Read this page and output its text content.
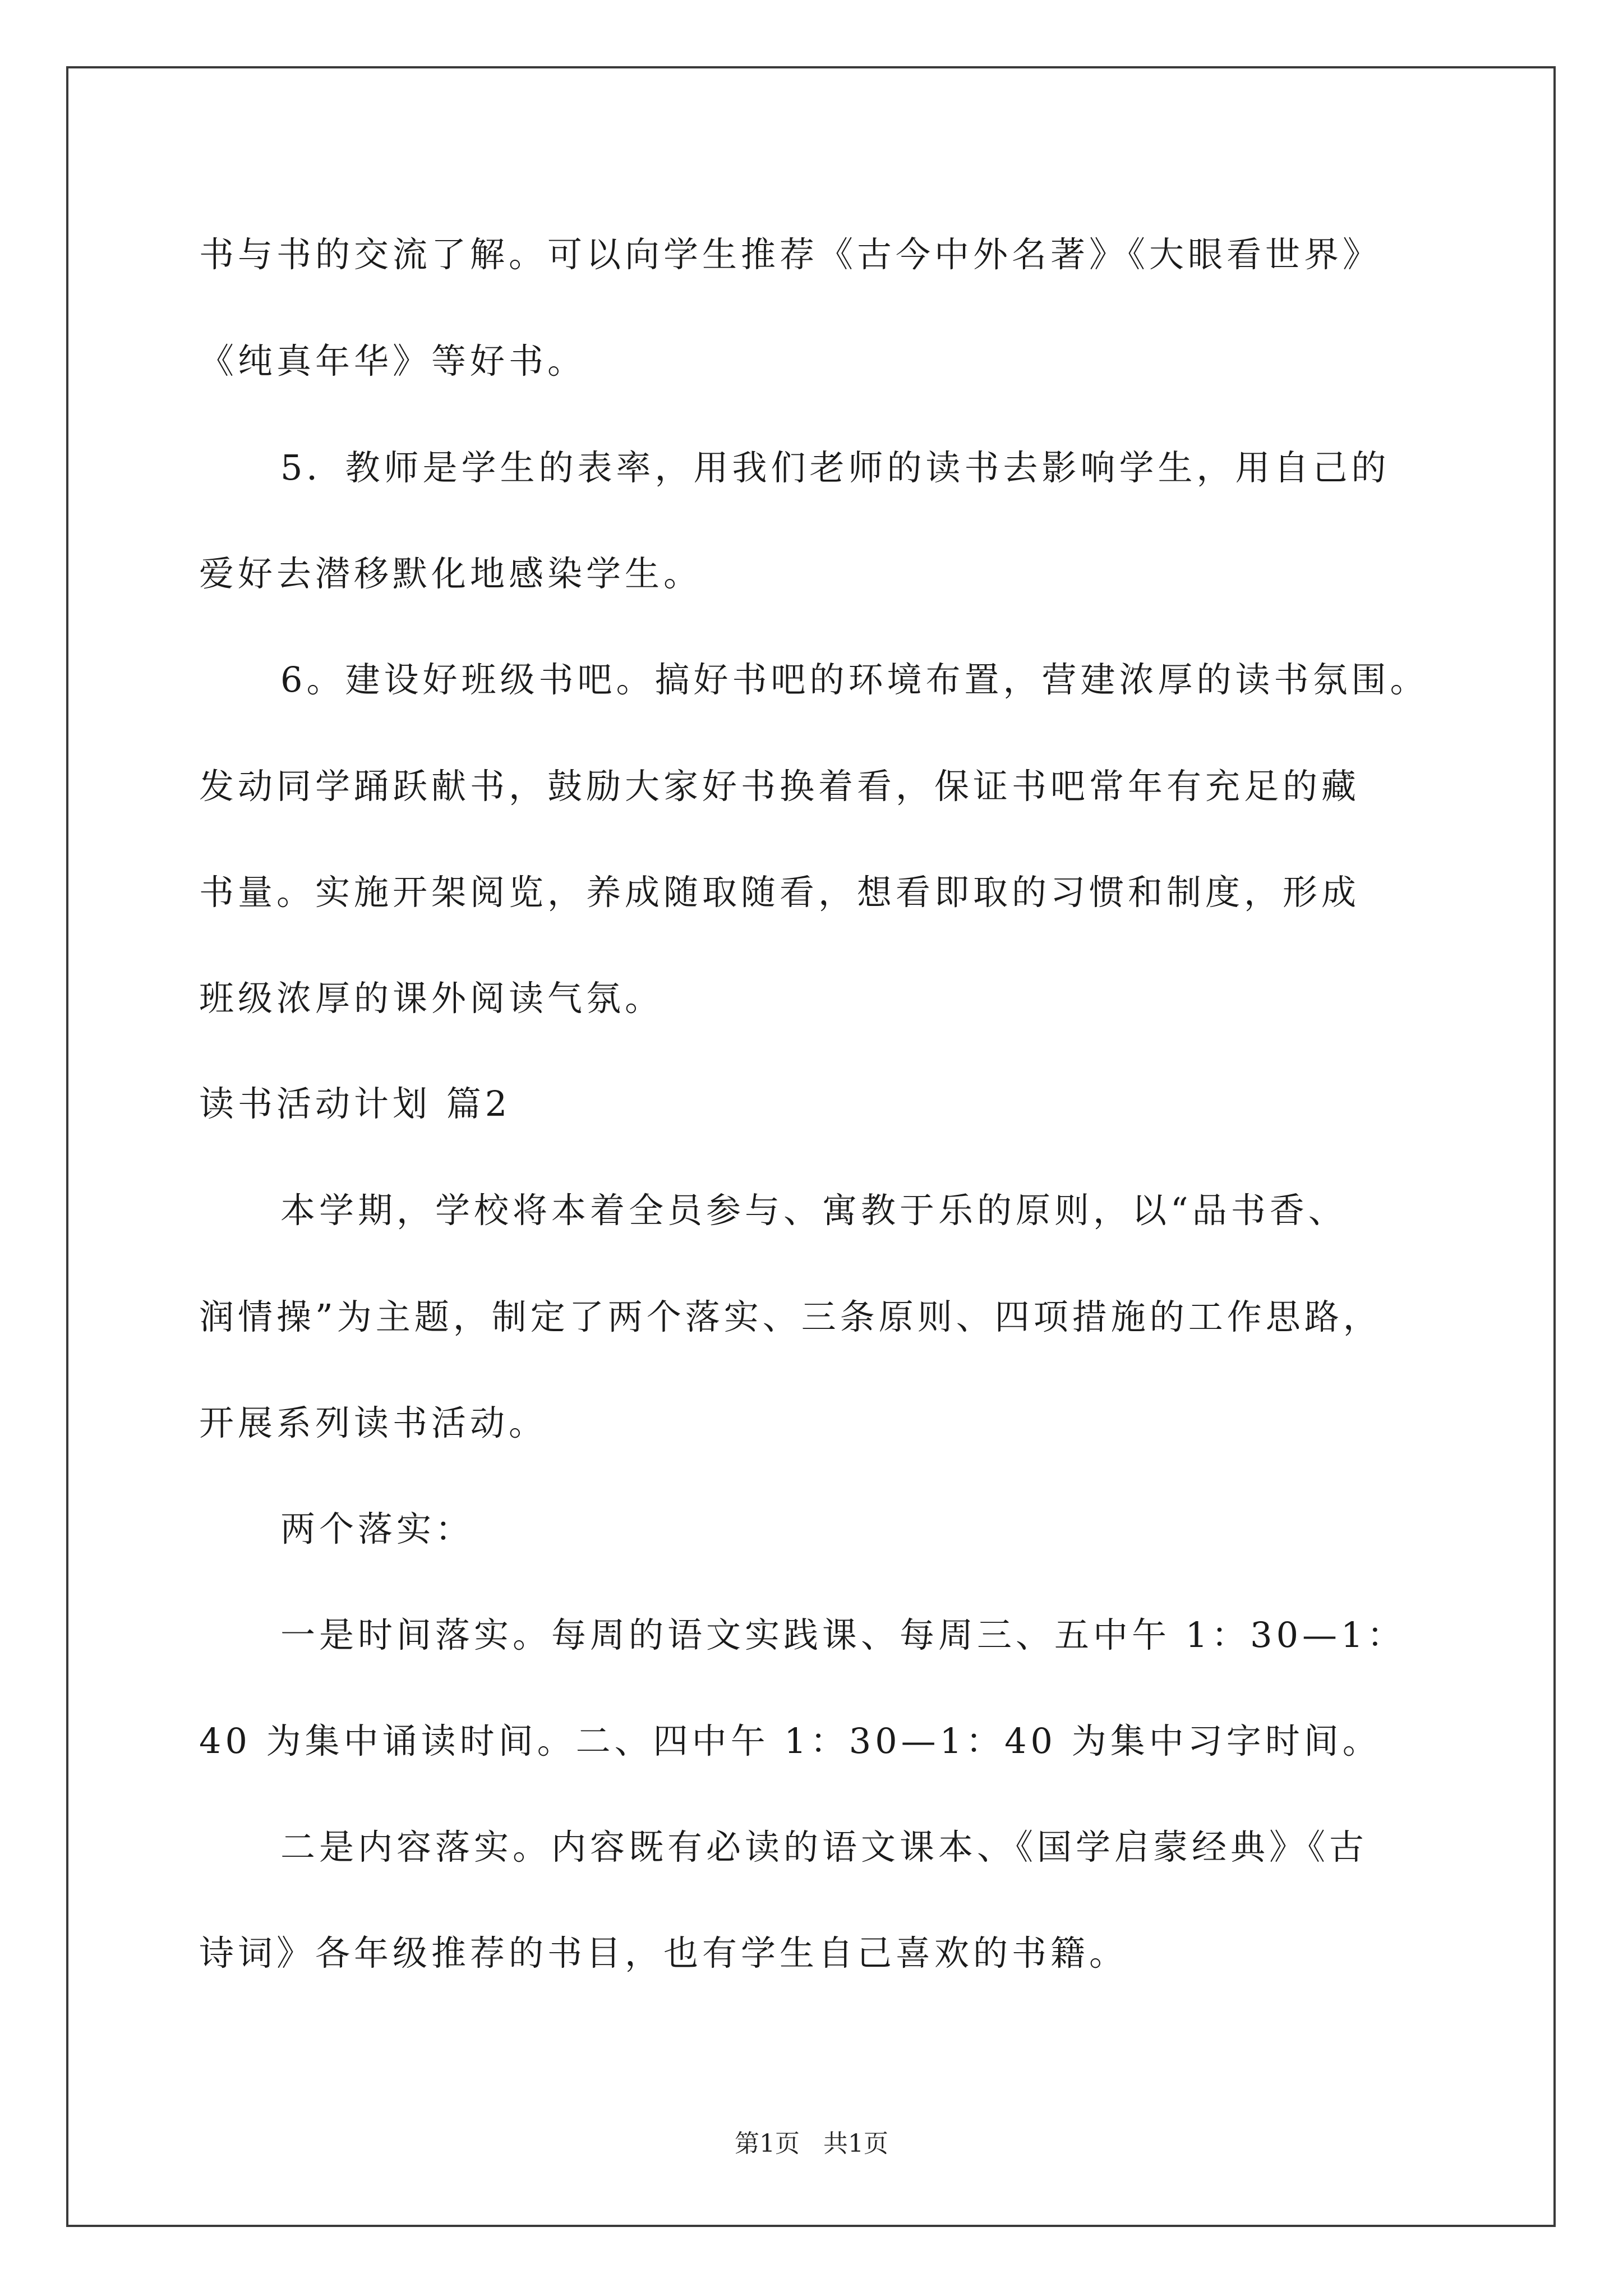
书与书的交流了解。可以向学生推荐《古今中外名著》《大眼看世界》
《纯真年华》等好书。
5．教师是学生的表率，用我们老师的读书去影响学生，用自己的
爱好去潜移默化地感染学生。
6。建设好班级书吧。搞好书吧的环境布置，营建浓厚的读书氛围。
发动同学踊跃献书，鼓励大家好书换着看，保证书吧常年有充足的藏
书量。实施开架阅览，养成随取随看，想看即取的习惯和制度，形成
班级浓厚的课外阅读气氛。
读书活动计划 篇2
本学期，学校将本着全员参与、寓教于乐的原则，以“品书香、
润情操”为主题，制定了两个落实、三条原则、四项措施的工作思路，
开展系列读书活动。
两个落实：
一是时间落实。每周的语文实践课、每周三、五中午 1：30—1：
40 为集中诵读时间。二、四中午 1：30—1：40 为集中习字时间。
二是内容落实。内容既有必读的语文课本、《国学启蒙经典》《古
诗词》各年级推荐的书目，也有学生自己喜欢的书籍。
第1页   共1页
